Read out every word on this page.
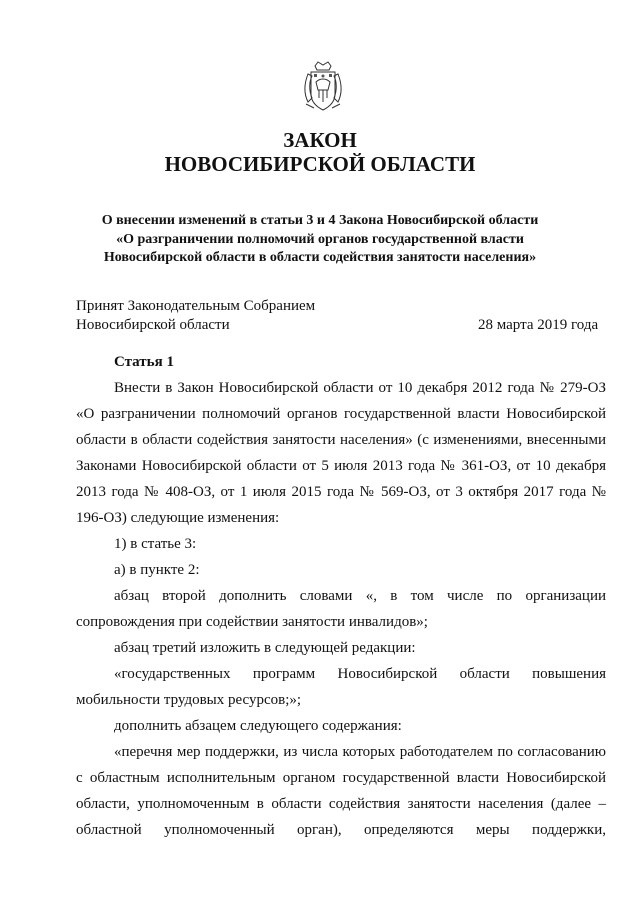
ЗАКОН
НОВОСИБИРСКОЙ ОБЛАСТИ
О внесении изменений в статьи 3 и 4 Закона Новосибирской области
«О разграничении полномочий органов государственной власти
Новосибирской области в области содействия занятости населения»
Принят Законодательным Собранием
Новосибирской области	28 марта 2019 года

Статья 1

Внести в Закон Новосибирской области от 10 декабря 2012 года № 279-ОЗ «О разграничении полномочий органов государственной власти Новосибирской области в области содействия занятости населения» (с изменениями, внесенными Законами Новосибирской области от 5 июля 2013 года № 361-ОЗ, от 10 декабря 2013 года № 408-ОЗ, от 1 июля 2015 года № 569-ОЗ, от 3 октября 2017 года № 196-ОЗ) следующие изменения:

1) в статье 3:

а) в пункте 2:

абзац второй дополнить словами «, в том числе по организации сопровождения при содействии занятости инвалидов»;

абзац третий изложить в следующей редакции:

«государственных программ Новосибирской области повышения мобильности трудовых ресурсов;»;

дополнить абзацем следующего содержания:

«перечня мер поддержки, из числа которых работодателем по согласованию с областным исполнительным органом государственной власти Новосибирской области, уполномоченным в области содействия занятости населения (далее – областной уполномоченный орган), определяются меры поддержки,
